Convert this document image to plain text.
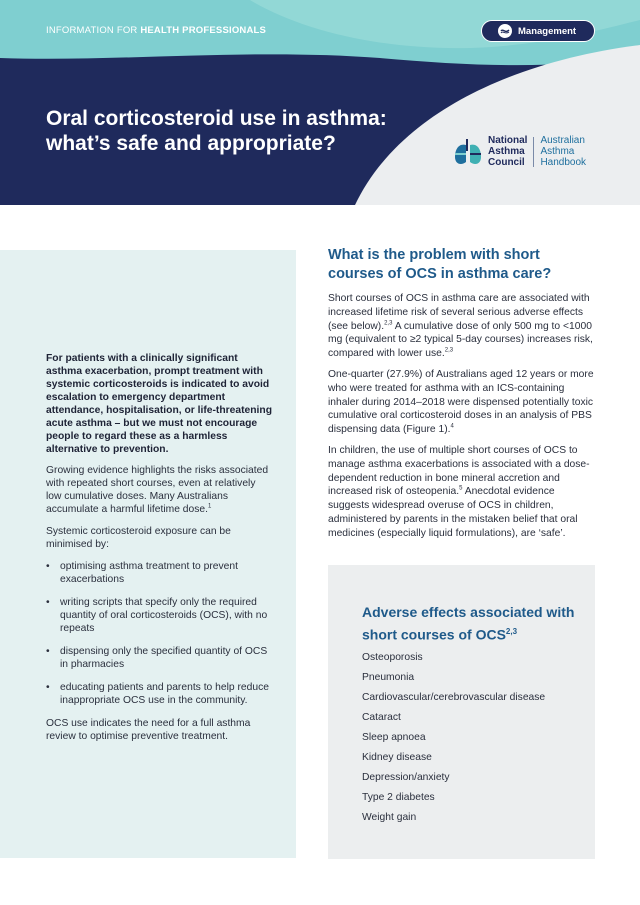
INFORMATION FOR HEALTH PROFESSIONALS	Management
Oral corticosteroid use in asthma:
what’s safe and appropriate?	National
Asthma
Council
Australian
Asthma
Handbook

For patients with a clinically significant asthma exacerbation, prompt treatment with systemic corticosteroids is indicated to avoid escalation to emergency department attendance, hospitalisation, or life-threatening acute asthma – but we must not encourage people to regard these as a harmless alternative to prevention.

Growing evidence highlights the risks associated with repeated short courses, even at relatively low cumulative doses. Many Australians accumulate a harmful lifetime dose.$^1$

Systemic corticosteroid exposure can be minimised by:

• optimising asthma treatment to prevent exacerbations
• writing scripts that specify only the required quantity of oral corticosteroids (OCS), with no repeats
• dispensing only the specified quantity of OCS in pharmacies
• educating patients and parents to help reduce inappropriate OCS use in the community.

OCS use indicates the need for a full asthma review to optimise preventive treatment.

What is the problem with short courses of OCS in asthma care?

Short courses of OCS in asthma care are associated with increased lifetime risk of several serious adverse effects (see below).$^{2,3}$ A cumulative dose of only 500 mg to <1000 mg (equivalent to ≥2 typical 5-day courses) increases risk, compared with lower use.$^{2,3}$

One-quarter (27.9%) of Australians aged 12 years or more who were treated for asthma with an ICS-containing inhaler during 2014–2018 were dispensed potentially toxic cumulative oral corticosteroid doses in an analysis of PBS dispensing data (Figure 1).$^4$

In children, the use of multiple short courses of OCS to manage asthma exacerbations is associated with a dose-dependent reduction in bone mineral accretion and increased risk of osteopenia.$^5$ Anecdotal evidence suggests widespread overuse of OCS in children, administered by parents in the mistaken belief that oral medicines (especially liquid formulations), are ‘safe’.

Adverse effects associated with short courses of OCS$^{2,3}$
Osteoporosis
Pneumonia
Cardiovascular/cerebrovascular disease
Cataract
Sleep apnoea
Kidney disease
Depression/anxiety
Type 2 diabetes
Weight gain
